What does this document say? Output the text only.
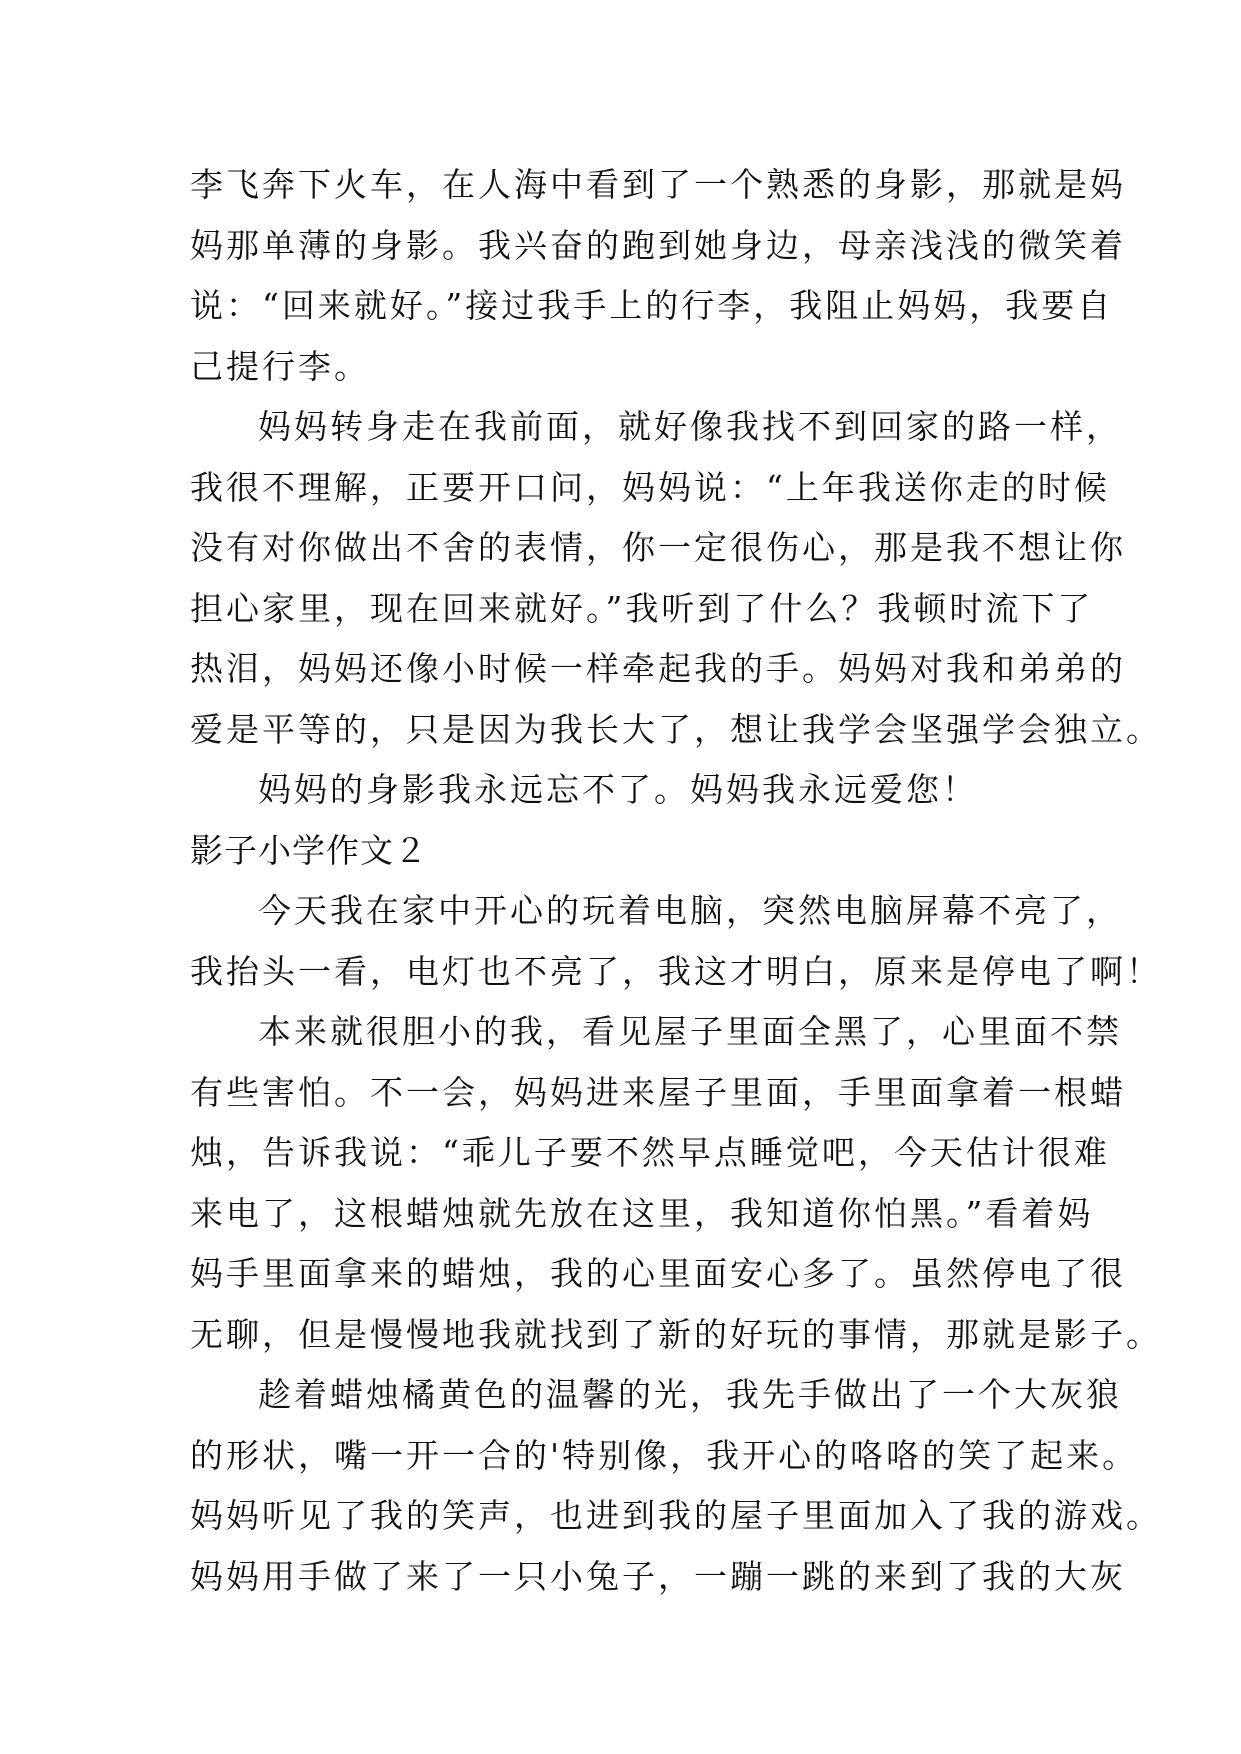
李飞奔下火车，在人海中看到了一个熟悉的身影，那就是妈
妈那单薄的身影。我兴奋的跑到她身边，母亲浅浅的微笑着
说：“回来就好。”接过我手上的行李，我阻止妈妈，我要自
己提行李。
妈妈转身走在我前面，就好像我找不到回家的路一样，
我很不理解，正要开口问，妈妈说：“上年我送你走的时候
没有对你做出不舍的表情，你一定很伤心，那是我不想让你
担心家里，现在回来就好。”我听到了什么？我顿时流下了
热泪，妈妈还像小时候一样牵起我的手。妈妈对我和弟弟的
爱是平等的，只是因为我长大了，想让我学会坚强学会独立。
妈妈的身影我永远忘不了。妈妈我永远爱您！
影子小学作文２
今天我在家中开心的玩着电脑，突然电脑屏幕不亮了，
我抬头一看，电灯也不亮了，我这才明白，原来是停电了啊！
本来就很胆小的我，看见屋子里面全黑了，心里面不禁
有些害怕。不一会，妈妈进来屋子里面，手里面拿着一根蜡
烛，告诉我说：“乖儿子要不然早点睡觉吧，今天估计很难
来电了，这根蜡烛就先放在这里，我知道你怕黑。”看着妈
妈手里面拿来的蜡烛，我的心里面安心多了。虽然停电了很
无聊，但是慢慢地我就找到了新的好玩的事情，那就是影子。
趁着蜡烛橘黄色的温馨的光，我先手做出了一个大灰狼
的形状，嘴一开一合的'特别像，我开心的咯咯的笑了起来。
妈妈听见了我的笑声，也进到我的屋子里面加入了我的游戏。
妈妈用手做了来了一只小兔子，一蹦一跳的来到了我的大灰
